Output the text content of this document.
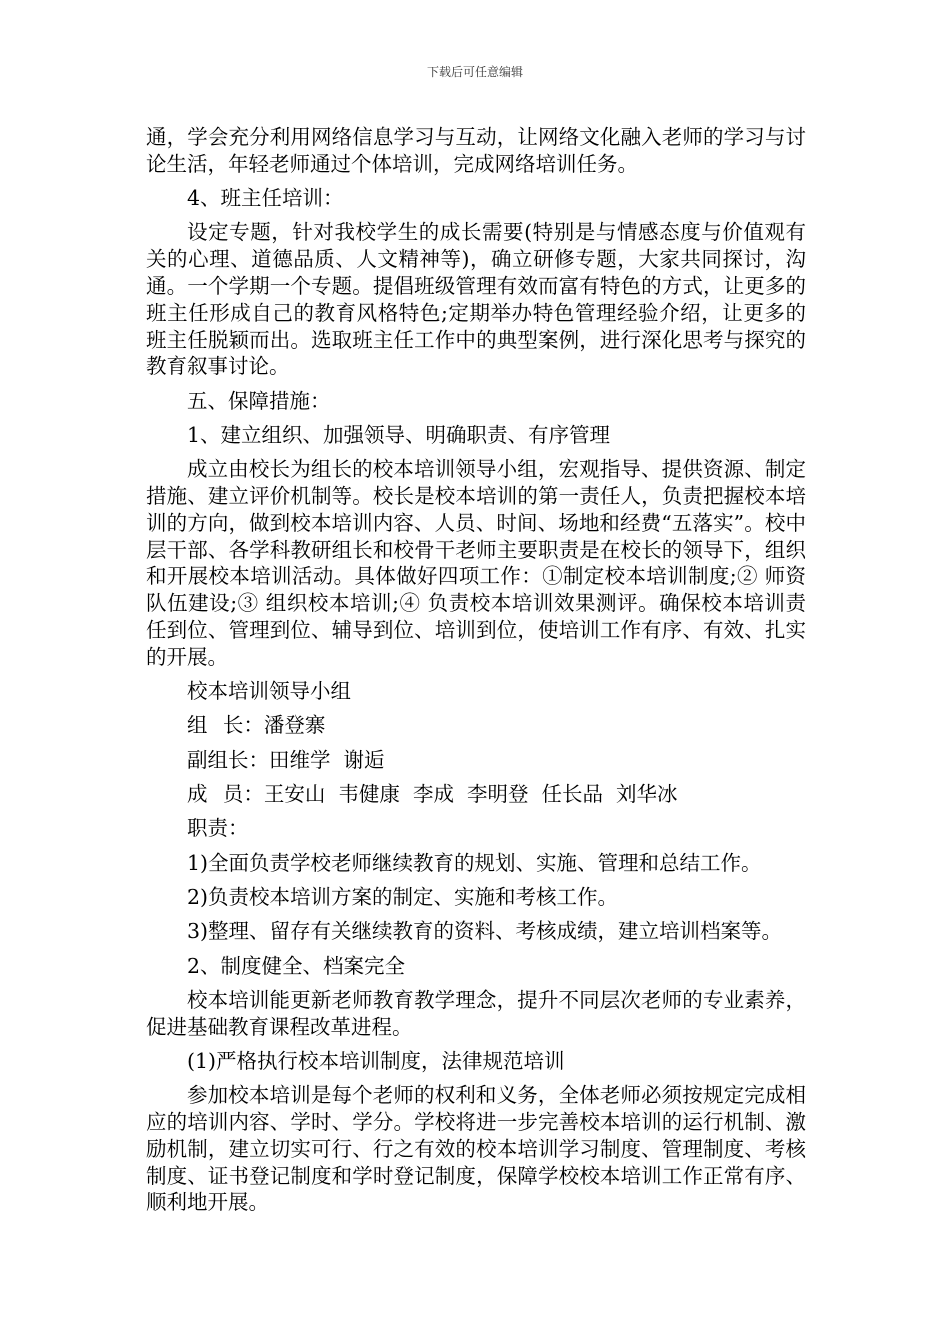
下载后可任意编辑

通，学会充分利用网络信息学习与互动，让网络文化融入老师的学习与讨论生活，年轻老师通过个体培训，完成网络培训任务。

4、班主任培训：

设定专题，针对我校学生的成长需要(特别是与情感态度与价值观有关的心理、道德品质、人文精神等)，确立研修专题，大家共同探讨，沟通。一个学期一个专题。提倡班级管理有效而富有特色的方式，让更多的班主任形成自己的教育风格特色;定期举办特色管理经验介绍，让更多的班主任脱颖而出。选取班主任工作中的典型案例，进行深化思考与探究的教育叙事讨论。

五、保障措施：

1、建立组织、加强领导、明确职责、有序管理

成立由校长为组长的校本培训领导小组，宏观指导、提供资源、制定措施、建立评价机制等。校长是校本培训的第一责任人，负责把握校本培训的方向，做到校本培训内容、人员、时间、场地和经费“五落实”。校中层干部、各学科教研组长和校骨干老师主要职责是在校长的领导下，组织和开展校本培训活动。具体做好四项工作：①制定校本培训制度;② 师资队伍建设;③ 组织校本培训;④ 负责校本培训效果测评。确保校本培训责任到位、管理到位、辅导到位、培训到位，使培训工作有序、有效、扎实的开展。

校本培训领导小组

组 长：潘登寨

副组长：田维学  谢逅

成 员：王安山  韦健康  李成  李明登  任长品  刘华冰

职责：

1)全面负责学校老师继续教育的规划、实施、管理和总结工作。

2)负责校本培训方案的制定、实施和考核工作。

3)整理、留存有关继续教育的资料、考核成绩，建立培训档案等。

2、制度健全、档案完全

校本培训能更新老师教育教学理念，提升不同层次老师的专业素养，促进基础教育课程改革进程。

(1)严格执行校本培训制度，法律规范培训

参加校本培训是每个老师的权利和义务，全体老师必须按规定完成相应的培训内容、学时、学分。学校将进一步完善校本培训的运行机制、激励机制，建立切实可行、行之有效的校本培训学习制度、管理制度、考核制度、证书登记制度和学时登记制度，保障学校校本培训工作正常有序、顺利地开展。
